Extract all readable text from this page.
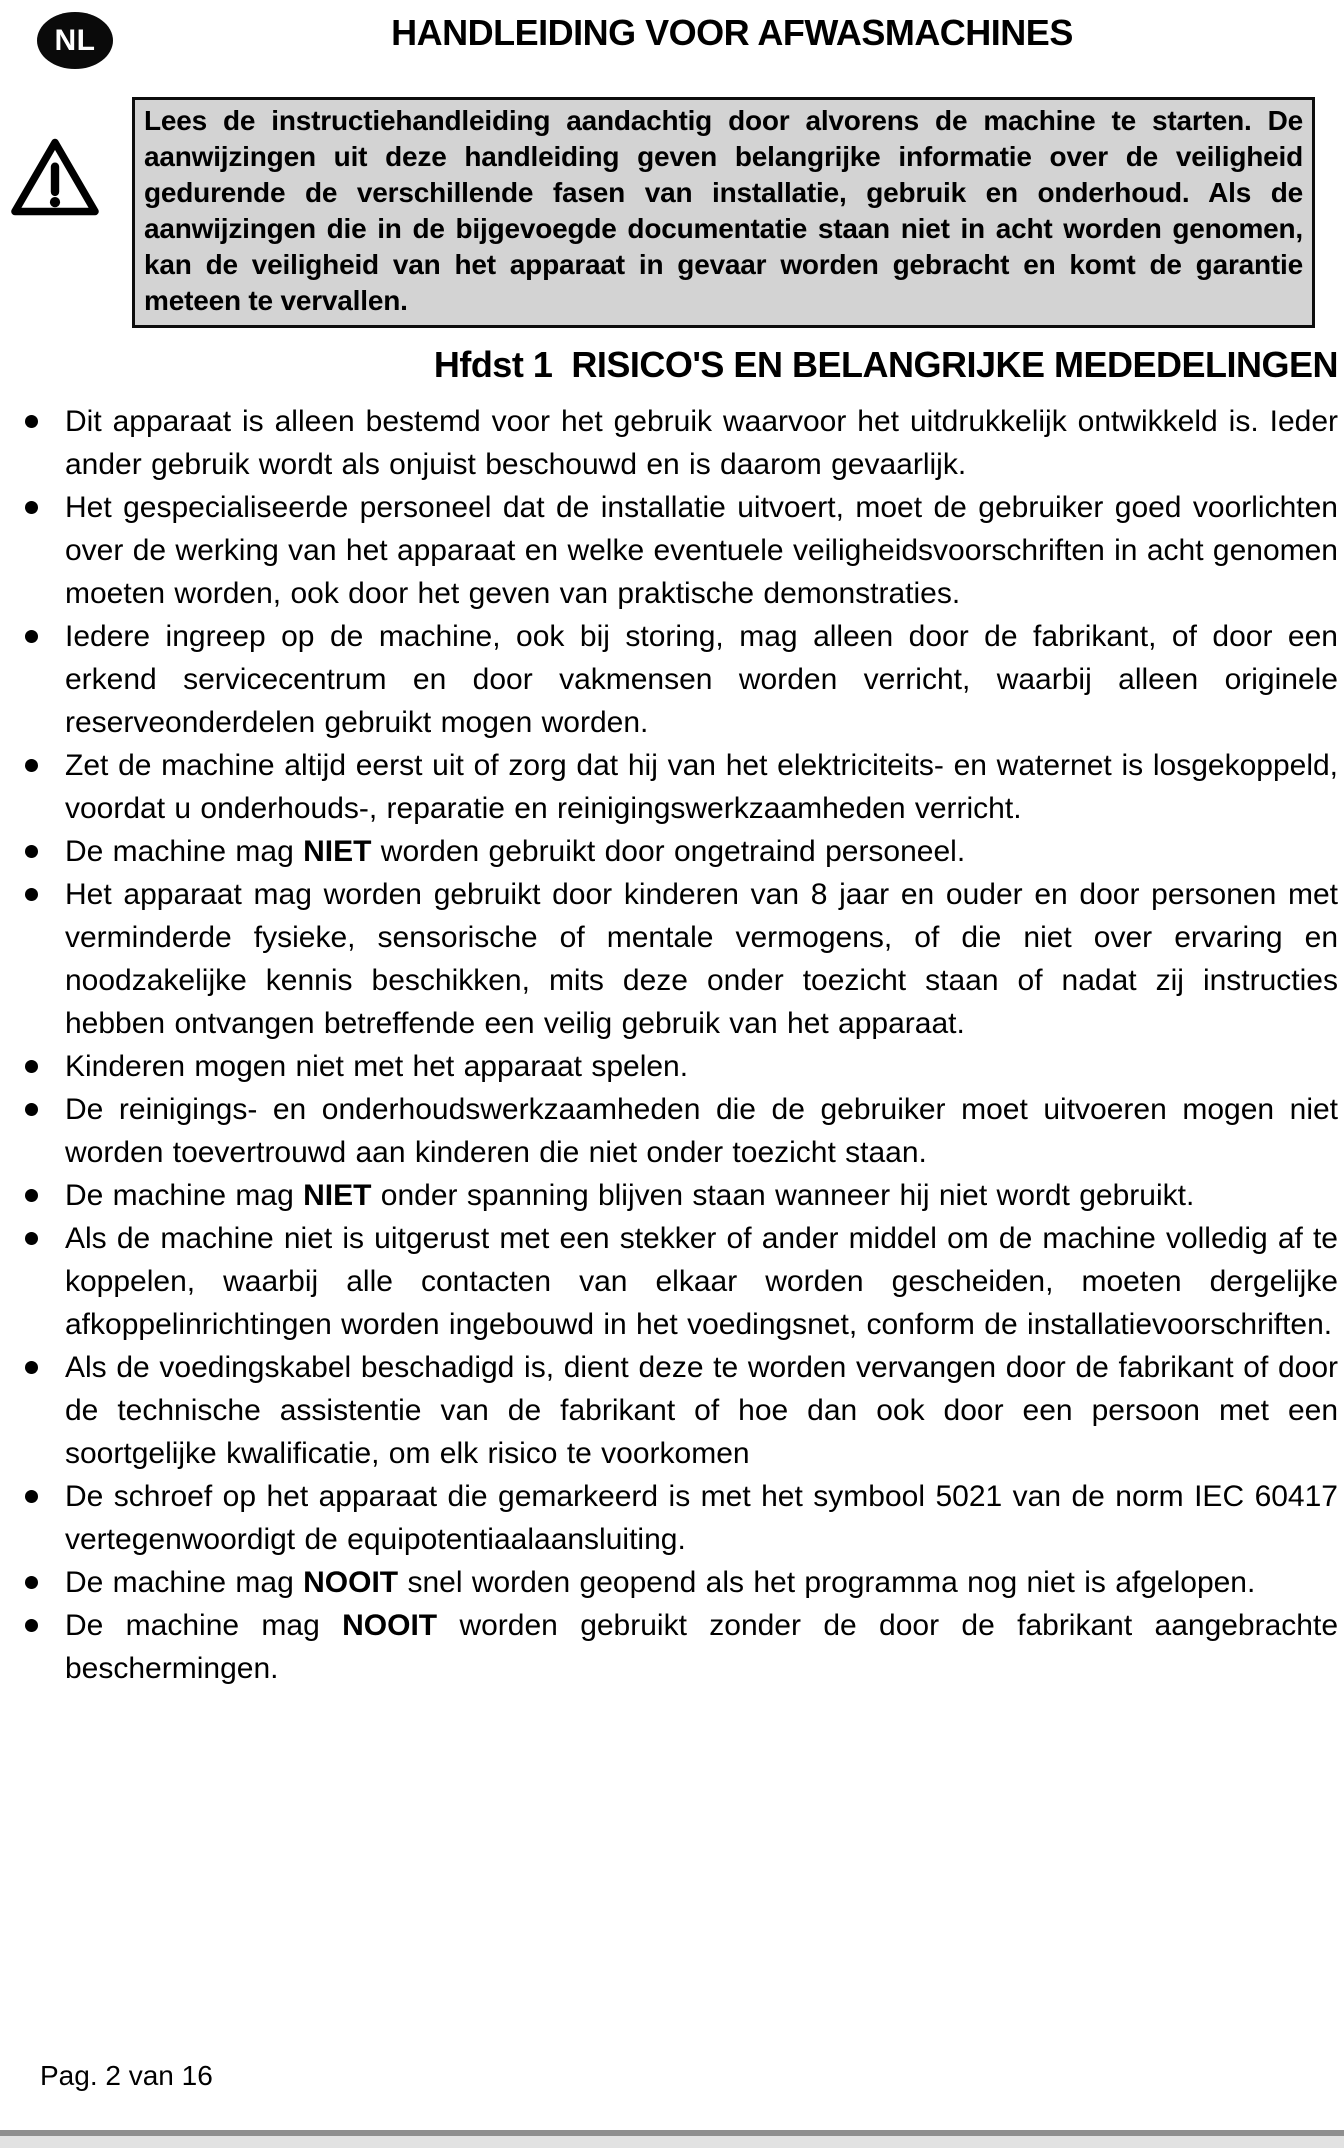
NL	HANDLEIDING VOOR AFWASMACHINES
Lees de instructiehandleiding aandachtig door alvorens de machine te starten. De aanwijzingen uit deze handleiding geven belangrijke informatie over de veiligheid gedurende de verschillende fasen van installatie, gebruik en onderhoud. Als de aanwijzingen die in de bijgevoegde documentatie staan niet in acht worden genomen, kan de veiligheid van het apparaat in gevaar worden gebracht en komt de garantie meteen te vervallen.
Hfdst 1  RISICO'S EN BELANGRIJKE MEDEDELINGEN
Dit apparaat is alleen bestemd voor het gebruik waarvoor het uitdrukkelijk ontwikkeld is. Ieder ander gebruik wordt als onjuist beschouwd en is daarom gevaarlijk.
Het gespecialiseerde personeel dat de installatie uitvoert, moet de gebruiker goed voorlichten over de werking van het apparaat en welke eventuele veiligheidsvoorschriften in acht genomen moeten worden, ook door het geven van praktische demonstraties.
Iedere ingreep op de machine, ook bij storing, mag alleen door de fabrikant, of door een erkend servicecentrum en door vakmensen worden verricht, waarbij alleen originele reserveonderdelen gebruikt mogen worden.
Zet de machine altijd eerst uit of zorg dat hij van het elektriciteits- en waternet is losgekoppeld, voordat u onderhouds-, reparatie en reinigingswerkzaamheden verricht.
De machine mag NIET worden gebruikt door ongetraind personeel.
Het apparaat mag worden gebruikt door kinderen van 8 jaar en ouder en door personen met verminderde fysieke, sensorische of mentale vermogens, of die niet over ervaring en noodzakelijke kennis beschikken, mits deze onder toezicht staan of nadat zij instructies hebben ontvangen betreffende een veilig gebruik van het apparaat.
Kinderen mogen niet met het apparaat spelen.
De reinigings- en onderhoudswerkzaamheden die de gebruiker moet uitvoeren mogen niet worden toevertrouwd aan kinderen die niet onder toezicht staan.
De machine mag NIET onder spanning blijven staan wanneer hij niet wordt gebruikt.
Als de machine niet is uitgerust met een stekker of ander middel om de machine volledig af te koppelen, waarbij alle contacten van elkaar worden gescheiden, moeten dergelijke afkoppelinrichtingen worden ingebouwd in het voedingsnet, conform de installatievoorschriften.
Als de voedingskabel beschadigd is, dient deze te worden vervangen door de fabrikant of door de technische assistentie van de fabrikant of hoe dan ook door een persoon met een soortgelijke kwalificatie, om elk risico te voorkomen
De schroef op het apparaat die gemarkeerd is met het symbool 5021 van de norm IEC 60417 vertegenwoordigt de equipotentiaalaansluiting.
De machine mag NOOIT snel worden geopend als het programma nog niet is afgelopen.
De machine mag NOOIT worden gebruikt zonder de door de fabrikant aangebrachte beschermingen.
Pag. 2 van 16
